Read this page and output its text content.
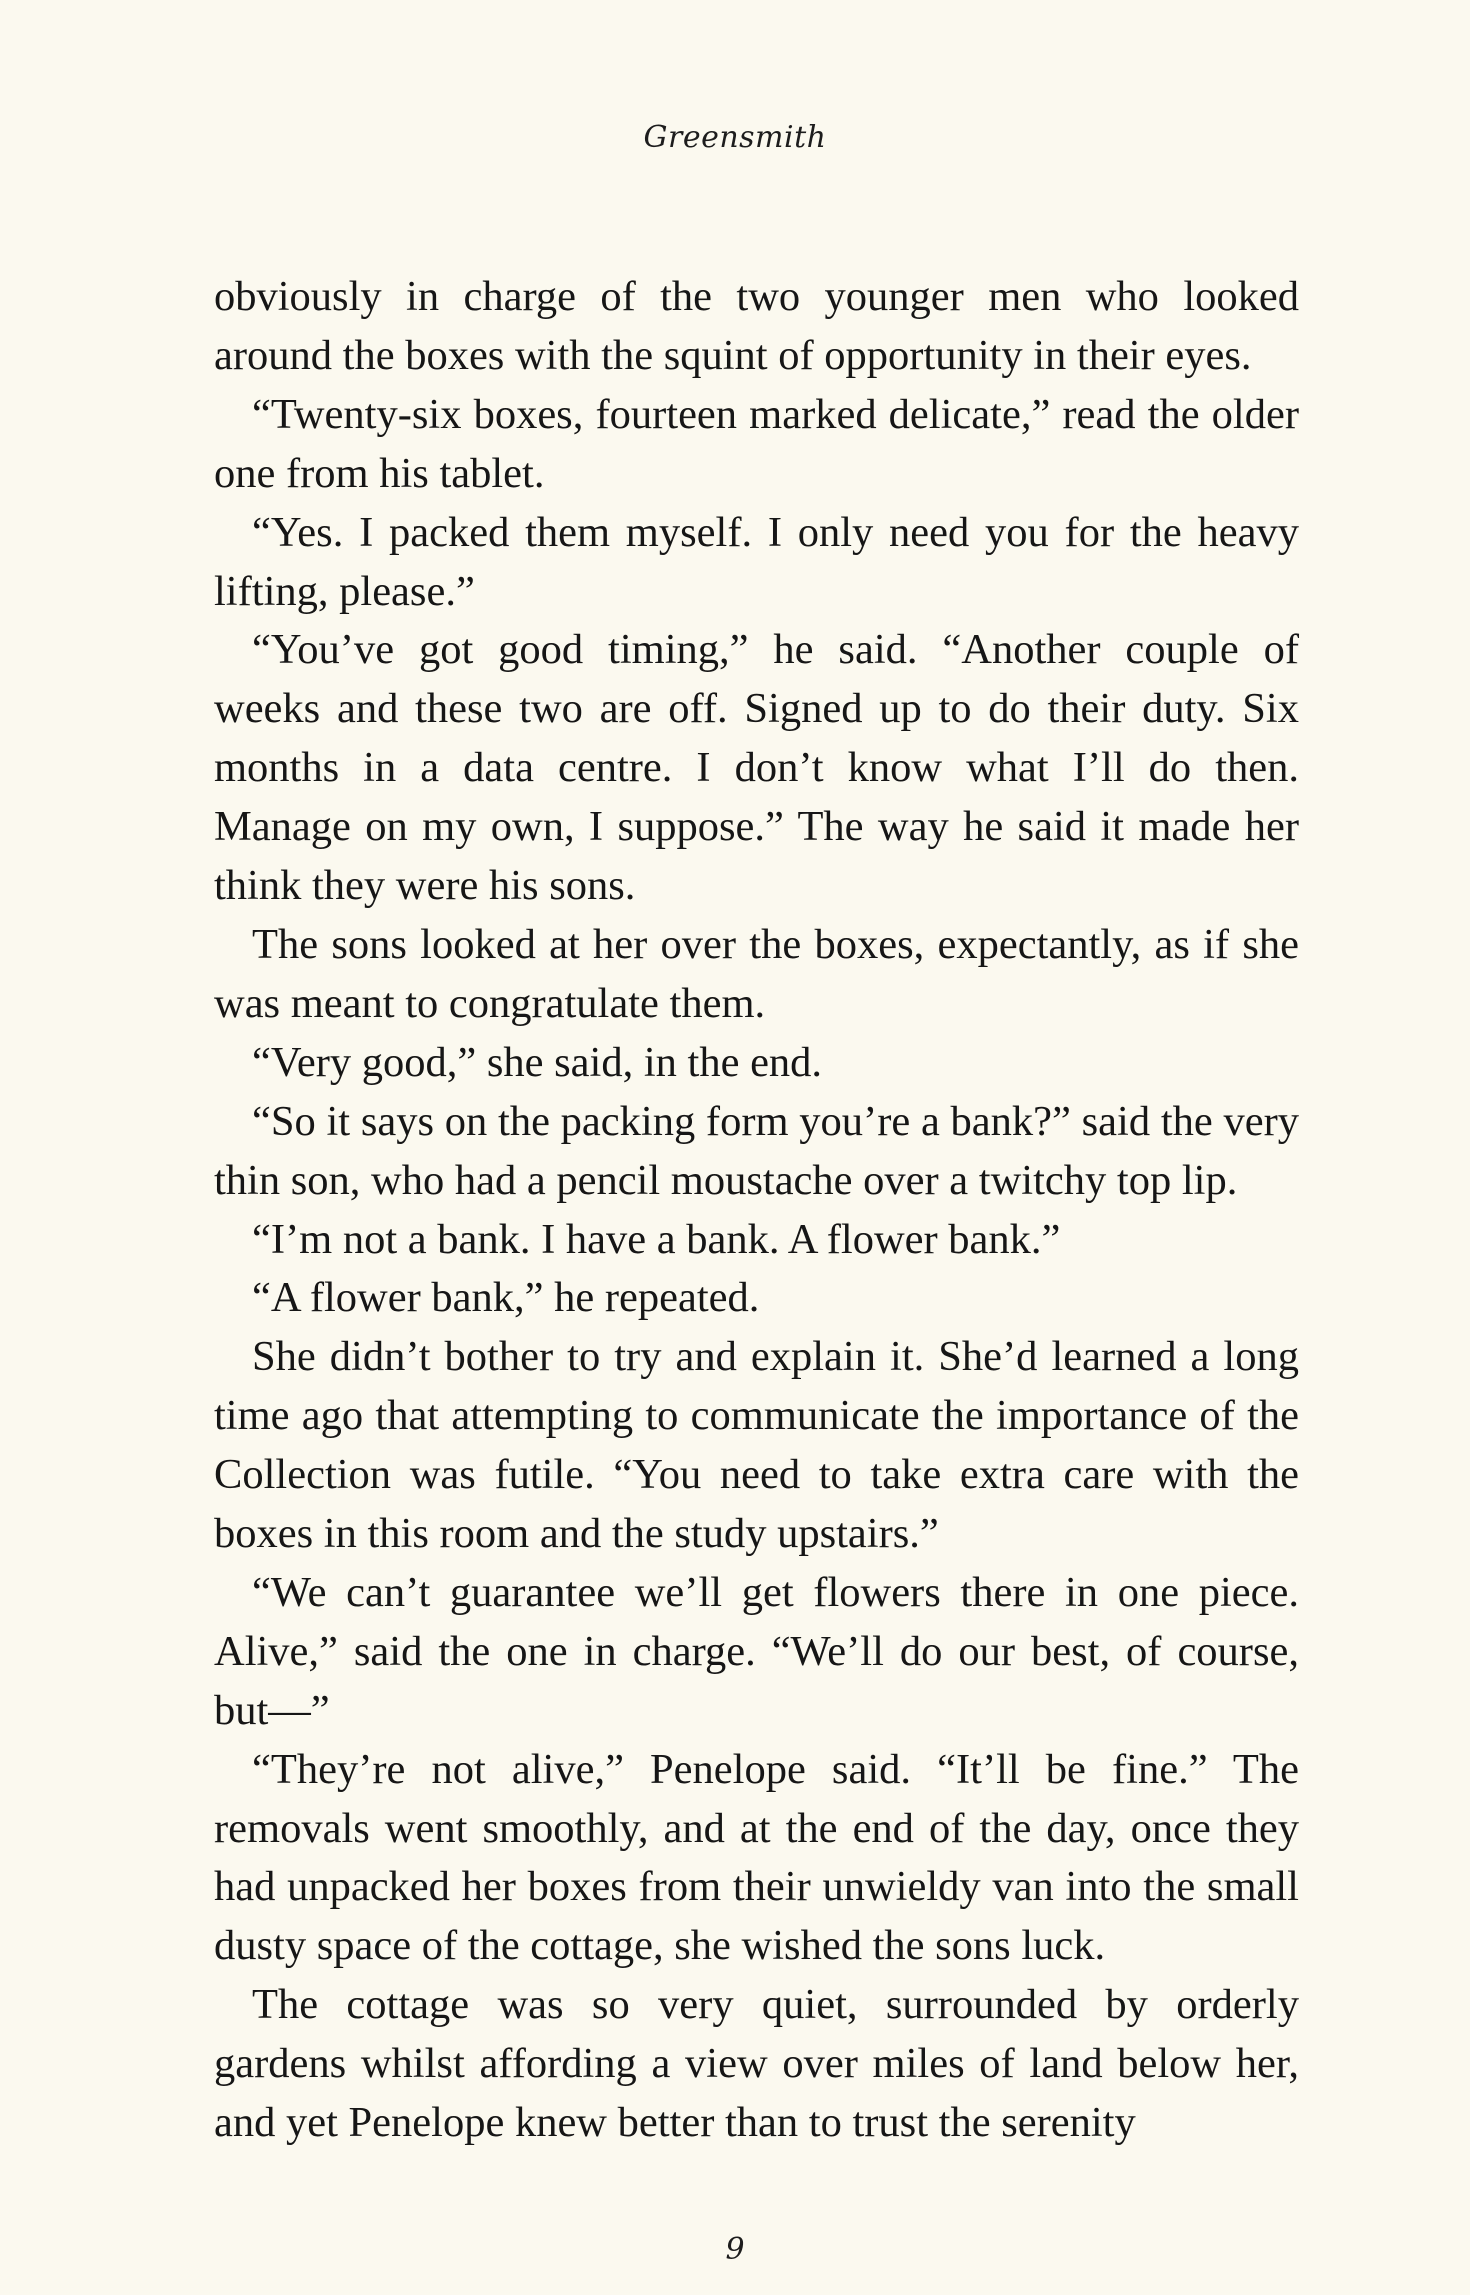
Greensmith

obviously in charge of the two younger men who looked around the boxes with the squint of opportunity in their eyes.

“Twenty-six boxes, fourteen marked delicate,” read the older one from his tablet.

“Yes. I packed them myself. I only need you for the heavy lifting, please.”

“You’ve got good timing,” he said. “Another couple of weeks and these two are off. Signed up to do their duty. Six months in a data centre. I don’t know what I’ll do then. Manage on my own, I suppose.” The way he said it made her think they were his sons.

The sons looked at her over the boxes, expectantly, as if she was meant to congratulate them.

“Very good,” she said, in the end.

“So it says on the packing form you’re a bank?” said the very thin son, who had a pencil moustache over a twitchy top lip.

“I’m not a bank. I have a bank. A flower bank.”

“A flower bank,” he repeated.

She didn’t bother to try and explain it. She’d learned a long time ago that attempting to communicate the importance of the Collection was futile. “You need to take extra care with the boxes in this room and the study upstairs.”

“We can’t guarantee we’ll get flowers there in one piece. Alive,” said the one in charge. “We’ll do our best, of course, but—”

“They’re not alive,” Penelope said. “It’ll be fine.” The removals went smoothly, and at the end of the day, once they had unpacked her boxes from their unwieldy van into the small dusty space of the cottage, she wished the sons luck.

The cottage was so very quiet, surrounded by orderly gardens whilst affording a view over miles of land below her, and yet Penelope knew better than to trust the serenity

9
